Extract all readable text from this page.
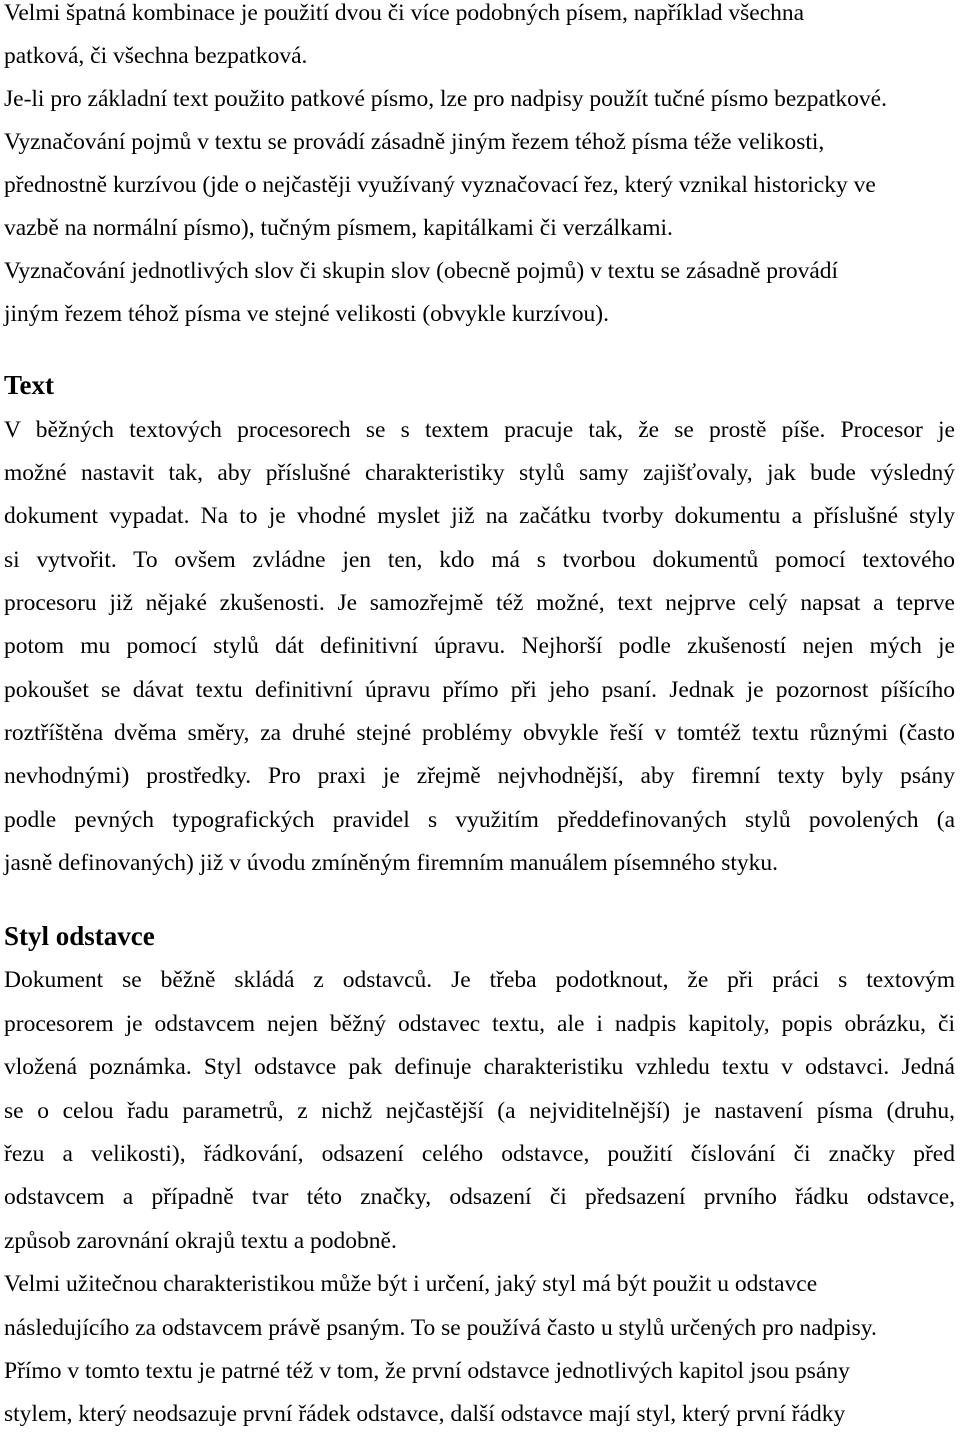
Velmi špatná kombinace je použití dvou či více podobných písem, například všechna
patková, či všechna bezpatková.
Je-li pro základní text použito patkové písmo, lze pro nadpisy použít tučné písmo bezpatkové.
Vyznačování pojmů v textu se provádí zásadně jiným řezem téhož písma téže velikosti,
přednostně kurzívou (jde o nejčastěji využívaný vyznačovací řez, který vznikal historicky ve
vazbě na normální písmo), tučným písmem, kapitálkami či verzálkami.
Vyznačování jednotlivých slov či skupin slov (obecně pojmů) v textu se zásadně provádí
jiným řezem téhož písma ve stejné velikosti (obvykle kurzívou).
Text
V běžných textových procesorech se s textem pracuje tak, že se prostě píše. Procesor je
možné nastavit tak, aby příslušné charakteristiky stylů samy zajišťovaly, jak bude výsledný
dokument vypadat. Na to je vhodné myslet již na začátku tvorby dokumentu a příslušné styly
si vytvořit. To ovšem zvládne jen ten, kdo má s tvorbou dokumentů pomocí textového
procesoru již nějaké zkušenosti. Je samozřejmě též možné, text nejprve celý napsat a teprve
potom mu pomocí stylů dát definitivní úpravu. Nejhorší podle zkušeností nejen mých je
pokoušet se dávat textu definitivní úpravu přímo při jeho psaní. Jednak je pozornost píšícího
roztříštěna dvěma směry, za druhé stejné problémy obvykle řeší v tomtéž textu různými (často
nevhodnými) prostředky. Pro praxi je zřejmě nejvhodnější, aby firemní texty byly psány
podle pevných typografických pravidel s využitím předdefinovaných stylů povolených (a
jasně definovaných) již v úvodu zmíněným firemním manuálem písemného styku.
Styl odstavce
Dokument se běžně skládá z odstavců. Je třeba podotknout, že při práci s textovým
procesorem je odstavcem nejen běžný odstavec textu, ale i nadpis kapitoly, popis obrázku, či
vložená poznámka. Styl odstavce pak definuje charakteristiku vzhledu textu v odstavci. Jedná
se o celou řadu parametrů, z nichž nejčastější (a nejviditelnější) je nastavení písma (druhu,
řezu a velikosti), řádkování, odsazení celého odstavce, použití číslování či značky před
odstavcem a případně tvar této značky, odsazení či předsazení prvního řádku odstavce,
způsob zarovnání okrajů textu a podobně.
Velmi užitečnou charakteristikou může být i určení, jaký styl má být použit u odstavce
následujícího za odstavcem právě psaným. To se používá často u stylů určených pro nadpisy.
Přímo v tomto textu je patrné též v tom, že první odstavce jednotlivých kapitol jsou psány
stylem, který neodsazuje první řádek odstavce, další odstavce mají styl, který první řádky
